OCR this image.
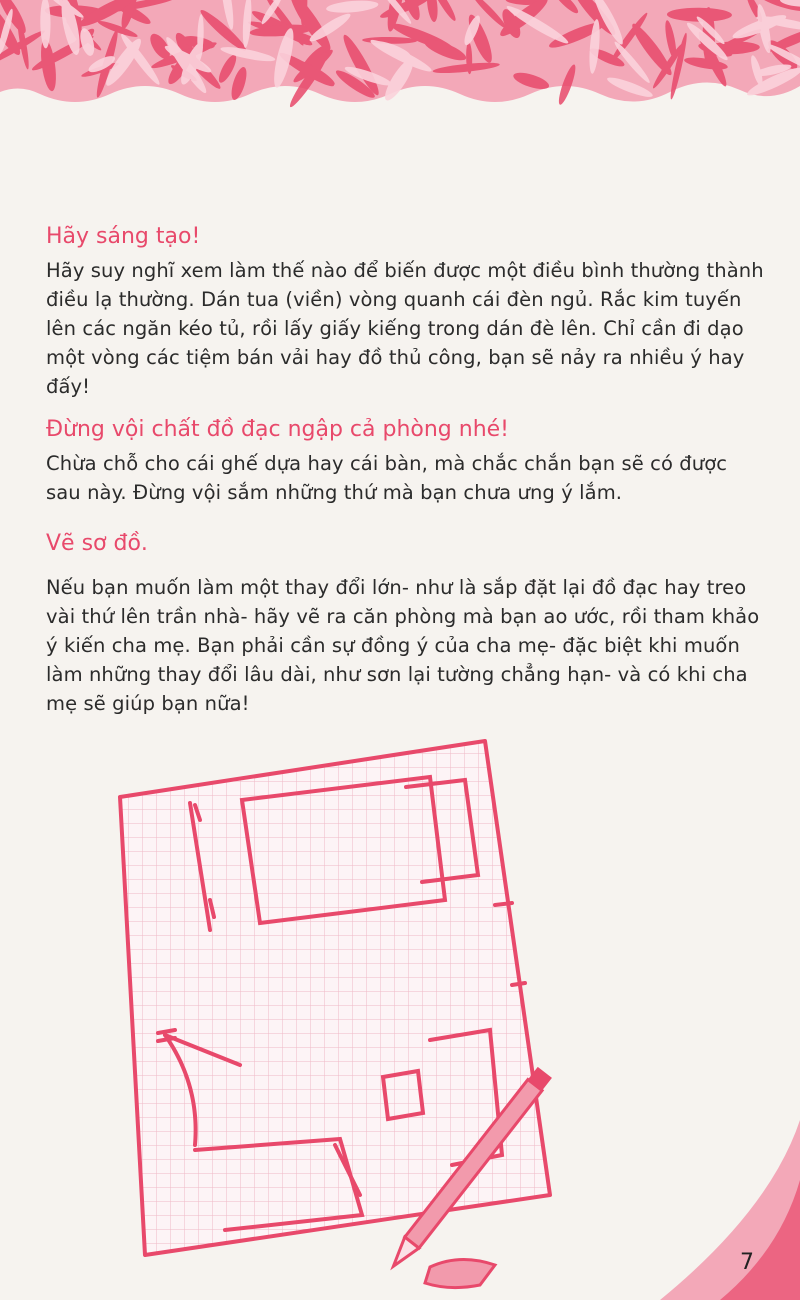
Hãy sáng tạo!

Hãy suy nghĩ xem làm thế nào để biến được một điều bình thường thành điều lạ thường. Dán tua (viền) vòng quanh cái đèn ngủ. Rắc kim tuyến lên các ngăn kéo tủ, rồi lấy giấy kiếng trong dán đè lên. Chỉ cần đi dạo một vòng các tiệm bán vải hay đồ thủ công, bạn sẽ nảy ra nhiều ý hay đấy!

Đừng vội chất đồ đạc ngập cả phòng nhé!

Chừa chỗ cho cái ghế dựa hay cái bàn, mà chắc chắn bạn sẽ có được sau này. Đừng vội sắm những thứ mà bạn chưa ưng ý lắm.

Vẽ sơ đồ.

Nếu bạn muốn làm một thay đổi lớn- như là sắp đặt lại đồ đạc hay treo vài thứ lên trần nhà- hãy vẽ ra căn phòng mà bạn ao ước, rồi tham khảo ý kiến cha mẹ. Bạn phải cần sự đồng ý của cha mẹ- đặc biệt khi muốn làm những thay đổi lâu dài, như sơn lại tường chẳng hạn- và có khi cha mẹ sẽ giúp bạn nữa!

7
